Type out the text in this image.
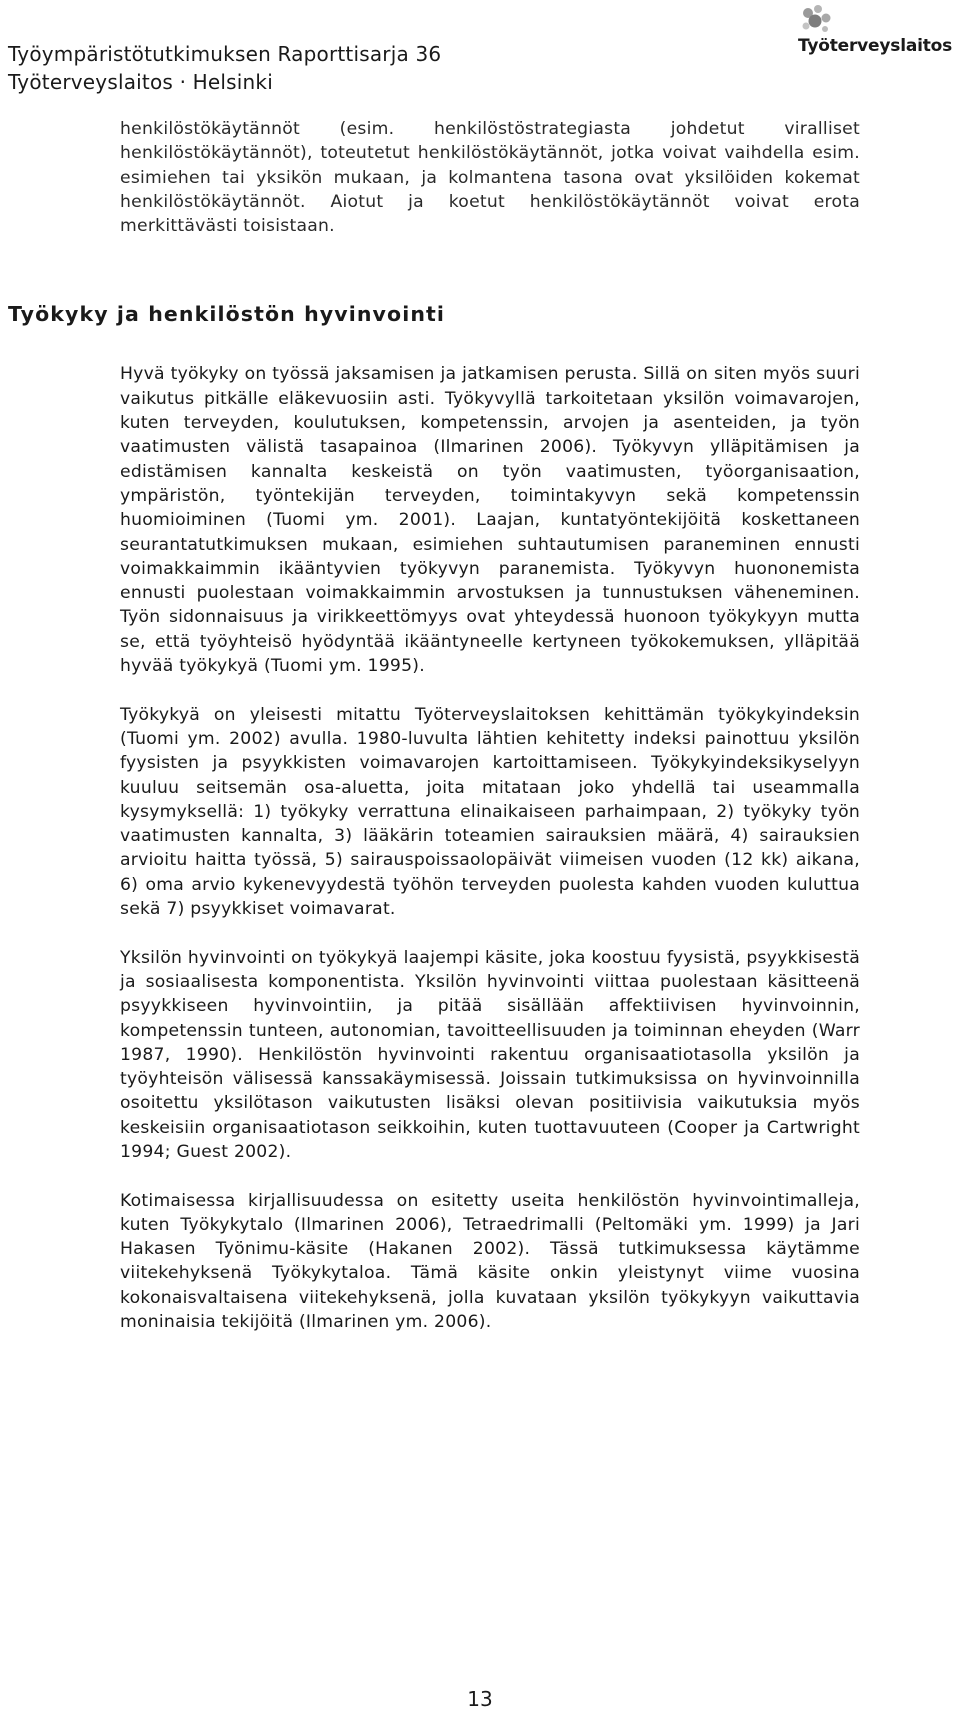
Työympäristötutkimuksen Raporttisarja 36
Työterveyslaitos · Helsinki
Työterveyslaitos

henkilöstökäytännöt (esim. henkilöstöstrategiasta johdetut viralliset henkilöstökäytännöt), toteutetut henkilöstökäytännöt, jotka voivat vaihdella esim. esimiehen tai yksikön mukaan, ja kolmantena tasona ovat yksilöiden kokemat henkilöstökäytännöt. Aiotut ja koetut henkilöstökäytännöt voivat erota merkittävästi toisistaan.

Työkyky ja henkilöstön hyvinvointi

Hyvä työkyky on työssä jaksamisen ja jatkamisen perusta. Sillä on siten myös suuri vaikutus pitkälle eläkevuosiin asti. Työkyvyllä tarkoitetaan yksilön voimavarojen, kuten terveyden, koulutuksen, kompetenssin, arvojen ja asenteiden, ja työn vaatimusten välistä tasapainoa (Ilmarinen 2006). Työkyvyn ylläpitämisen ja edistämisen kannalta keskeistä on työn vaatimusten, työorganisaation, ympäristön, työntekijän terveyden, toimintakyvyn sekä kompetenssin huomioiminen (Tuomi ym. 2001). Laajan, kuntatyöntekijöitä koskettaneen seurantatutkimuksen mukaan, esimiehen suhtautumisen paraneminen ennusti voimakkaimmin ikääntyvien työkyvyn paranemista. Työkyvyn huononemista ennusti puolestaan voimakkaimmin arvostuksen ja tunnustuksen väheneminen. Työn sidonnaisuus ja virikkeettömyys ovat yhteydessä huonoon työkykyyn mutta se, että työyhteisö hyödyntää ikääntyneelle kertyneen työkokemuksen, ylläpitää hyvää työkykyä (Tuomi ym. 1995).

Työkykyä on yleisesti mitattu Työterveyslaitoksen kehittämän työkykyindeksin (Tuomi ym. 2002) avulla. 1980-luvulta lähtien kehitetty indeksi painottuu yksilön fyysisten ja psyykkisten voimavarojen kartoittamiseen. Työkykyindeksikyselyyn kuuluu seitsemän osa-aluetta, joita mitataan joko yhdellä tai useammalla kysymyksellä: 1) työkyky verrattuna elinaikaiseen parhaimpaan, 2) työkyky työn vaatimusten kannalta, 3) lääkärin toteamien sairauksien määrä, 4) sairauksien arvioitu haitta työssä, 5) sairauspoissaolopäivät viimeisen vuoden (12 kk) aikana, 6) oma arvio kykenevyydestä työhön terveyden puolesta kahden vuoden kuluttua sekä 7) psyykkiset voimavarat.

Yksilön hyvinvointi on työkykyä laajempi käsite, joka koostuu fyysistä, psyykkisestä ja sosiaalisesta komponentista. Yksilön hyvinvointi viittaa puolestaan käsitteenä psyykkiseen hyvinvointiin, ja pitää sisällään affektiivisen hyvinvoinnin, kompetenssin tunteen, autonomian, tavoitteellisuuden ja toiminnan eheyden (Warr 1987, 1990). Henkilöstön hyvinvointi rakentuu organisaatiotasolla yksilön ja työyhteisön välisessä kanssakäymisessä. Joissain tutkimuksissa on hyvinvoinnilla osoitettu yksilötason vaikutusten lisäksi olevan positiivisia vaikutuksia myös keskeisiin organisaatiotason seikkoihin, kuten tuottavuuteen (Cooper ja Cartwright 1994; Guest 2002).

Kotimaisessa kirjallisuudessa on esitetty useita henkilöstön hyvinvointimalleja, kuten Työkykytalo (Ilmarinen 2006), Tetraedrimalli (Peltomäki ym. 1999) ja Jari Hakasen Työnimu-käsite (Hakanen 2002). Tässä tutkimuksessa käytämme viitekehyksenä Työkykytaloa. Tämä käsite onkin yleistynyt viime vuosina kokonaisvaltaisena viitekehyksenä, jolla kuvataan yksilön työkykyyn vaikuttavia moninaisia tekijöitä (Ilmarinen ym. 2006).

13
